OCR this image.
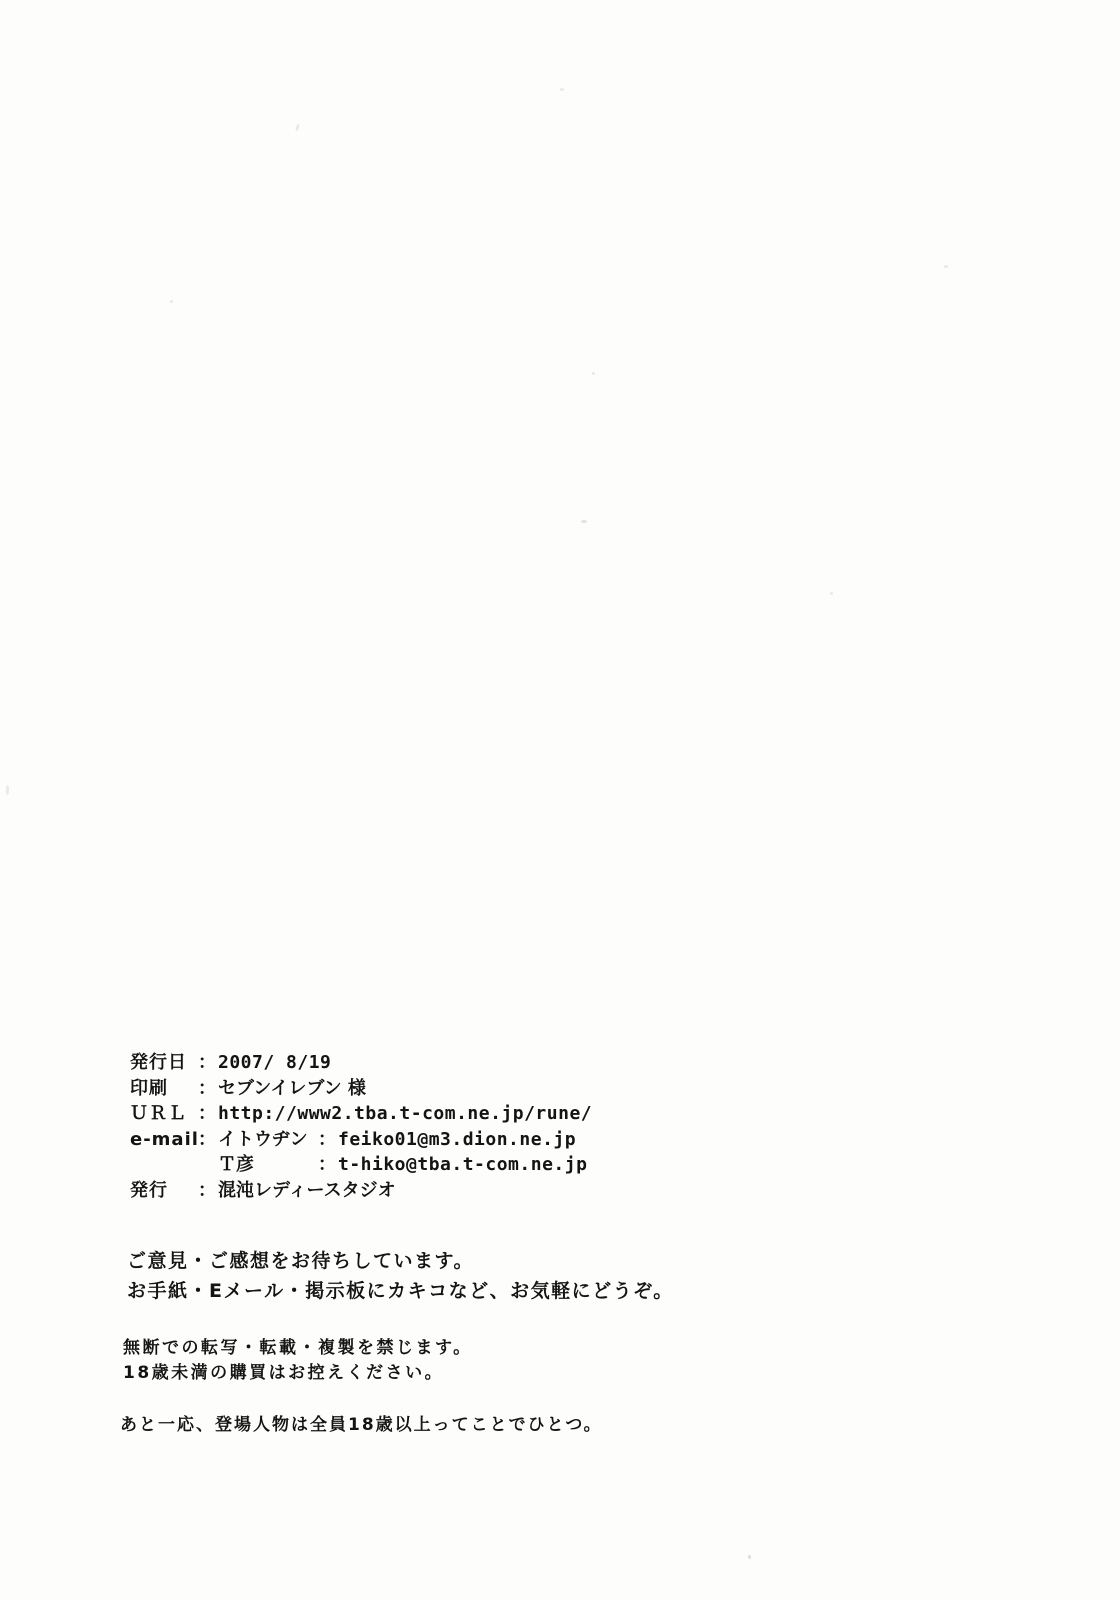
発行日 ： 2007/ 8/19
印刷	： セブンイレブン 様
ＵＲＬ ： http://www2.tba.t-com.ne.jp/rune/
e-mail ： イトウヂン ： feiko01@m3.dion.ne.jp
Ｔ彦	： t-hiko@tba.t-com.ne.jp
発行	： 混沌レディースタジオ
ご意見・ご感想をお待ちしています。
お手紙・Eメール・掲示板にカキコなど、お気軽にどうぞ。
無断での転写・転載・複製を禁じます。
18歳未満の購買はお控えください。
あと一応、登場人物は全員18歳以上ってことでひとつ。
